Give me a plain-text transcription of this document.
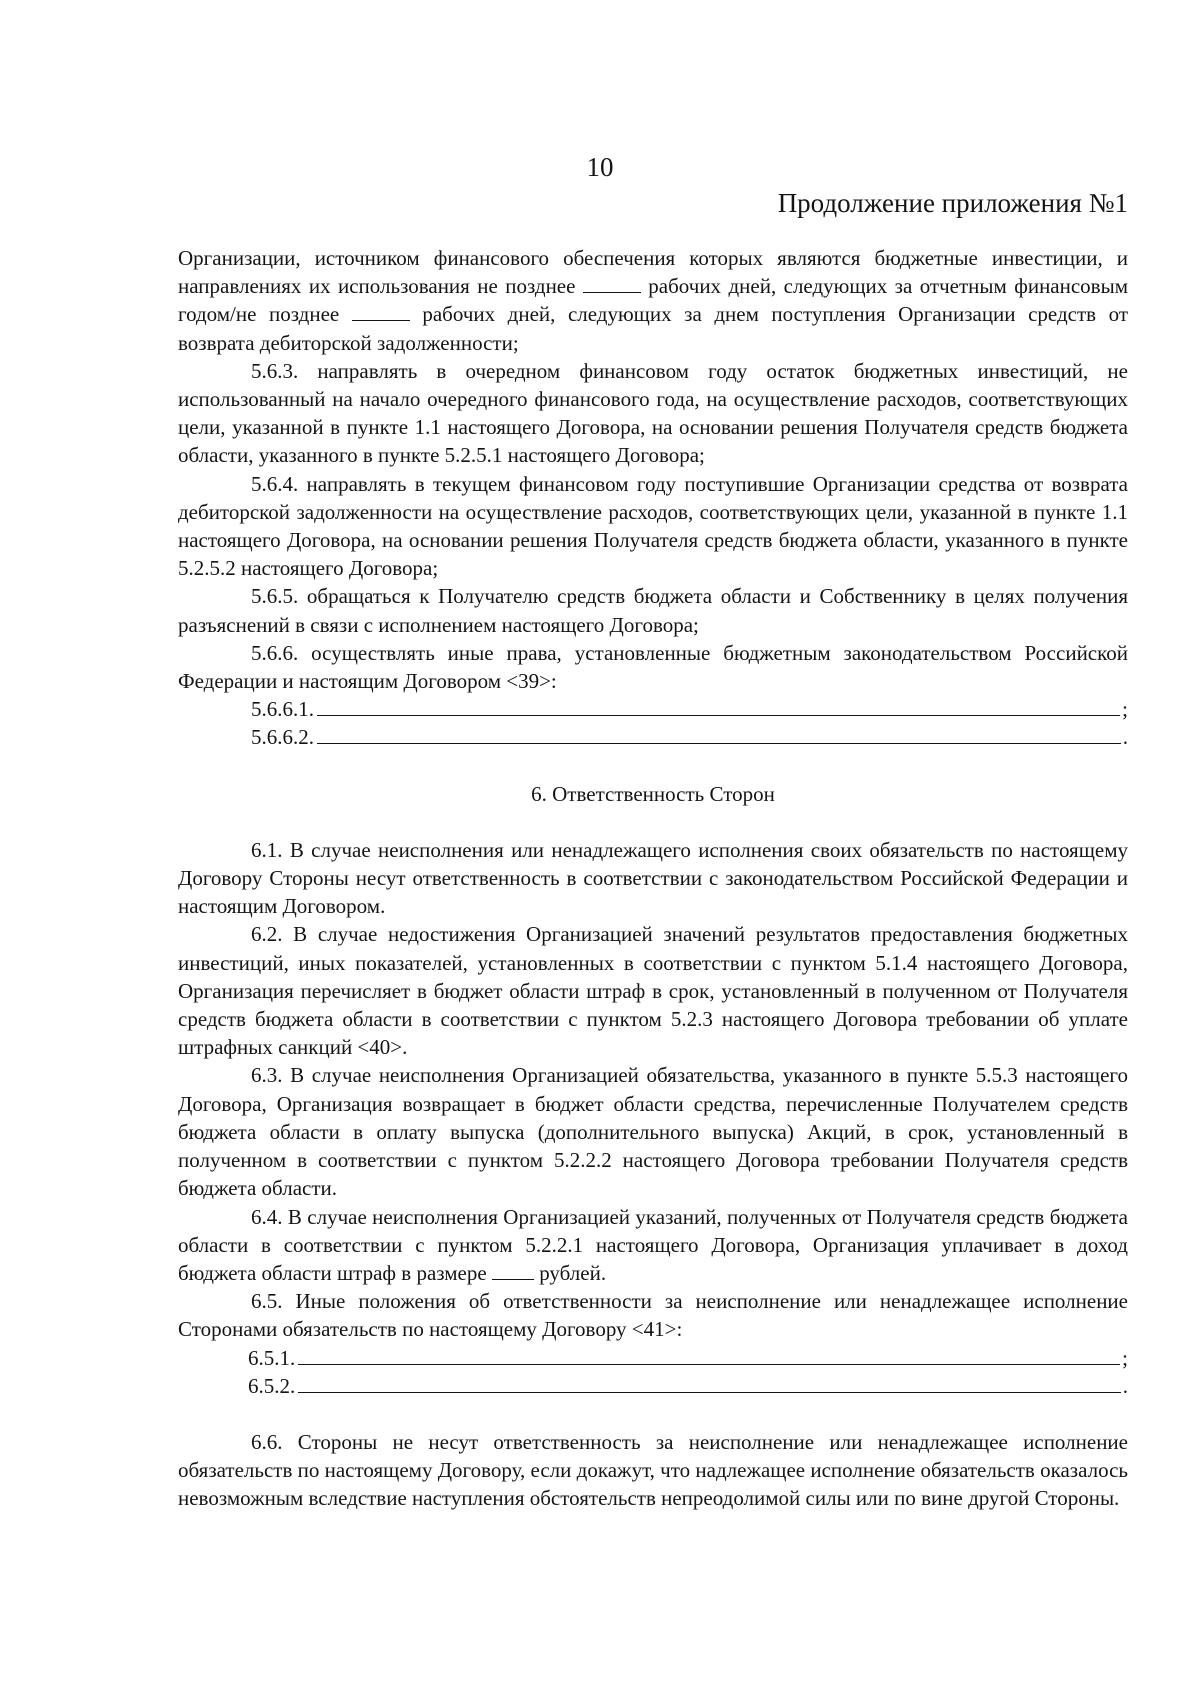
10
Продолжение приложения №1

Организации, источником финансового обеспечения которых являются бюджетные инвестиции, и направлениях их использования не позднее	рабочих дней, следующих за отчетным финансовым годом/не позднее	рабочих дней, следующих за днем поступления Организации средств от возврата дебиторской задолженности;

5.6.3. направлять в очередном финансовом году остаток бюджетных инвестиций, не использованный на начало очередного финансового года, на осуществление расходов, соответствующих цели, указанной в пункте 1.1 настоящего Договора, на основании решения Получателя средств бюджета области, указанного в пункте 5.2.5.1 настоящего Договора;

5.6.4. направлять в текущем финансовом году поступившие Организации средства от возврата дебиторской задолженности на осуществление расходов, соответствующих цели, указанной в пункте 1.1 настоящего Договора, на основании решения Получателя средств бюджета области, указанного в пункте 5.2.5.2 настоящего Договора;

5.6.5. обращаться к Получателю средств бюджета области и Собственнику в целях получения разъяснений в связи с исполнением настоящего Договора;

5.6.6. осуществлять иные права, установленные бюджетным законодательством Российской Федерации и настоящим Договором <39>:

5.6.6.1.	;
5.6.6.2.	.

6. Ответственность Сторон

6.1. В случае неисполнения или ненадлежащего исполнения своих обязательств по настоящему Договору Стороны несут ответственность в соответствии с законодательством Российской Федерации и настоящим Договором.

6.2. В случае недостижения Организацией значений результатов предоставления бюджетных инвестиций, иных показателей, установленных в соответствии с пунктом 5.1.4 настоящего Договора, Организация перечисляет в бюджет области штраф в срок, установленный в полученном от Получателя средств бюджета области в соответствии с пунктом 5.2.3 настоящего Договора требовании об уплате штрафных санкций <40>.

6.3. В случае неисполнения Организацией обязательства, указанного в пункте 5.5.3 настоящего Договора, Организация возвращает в бюджет области средства, перечисленные Получателем средств бюджета области в оплату выпуска (дополнительного выпуска) Акций, в срок, установленный в полученном в соответствии с пунктом 5.2.2.2 настоящего Договора требовании Получателя средств бюджета области.

6.4. В случае неисполнения Организацией указаний, полученных от Получателя средств бюджета области в соответствии с пунктом 5.2.2.1 настоящего Договора, Организация уплачивает в доход бюджета области штраф в размере	рублей.

6.5. Иные положения об ответственности за неисполнение или ненадлежащее исполнение Сторонами обязательств по настоящему Договору <41>:

6.5.1.	;
6.5.2.	.

6.6. Стороны не несут ответственность за неисполнение или ненадлежащее исполнение обязательств по настоящему Договору, если докажут, что надлежащее исполнение обязательств оказалось невозможным вследствие наступления обстоятельств непреодолимой силы или по вине другой Стороны.
